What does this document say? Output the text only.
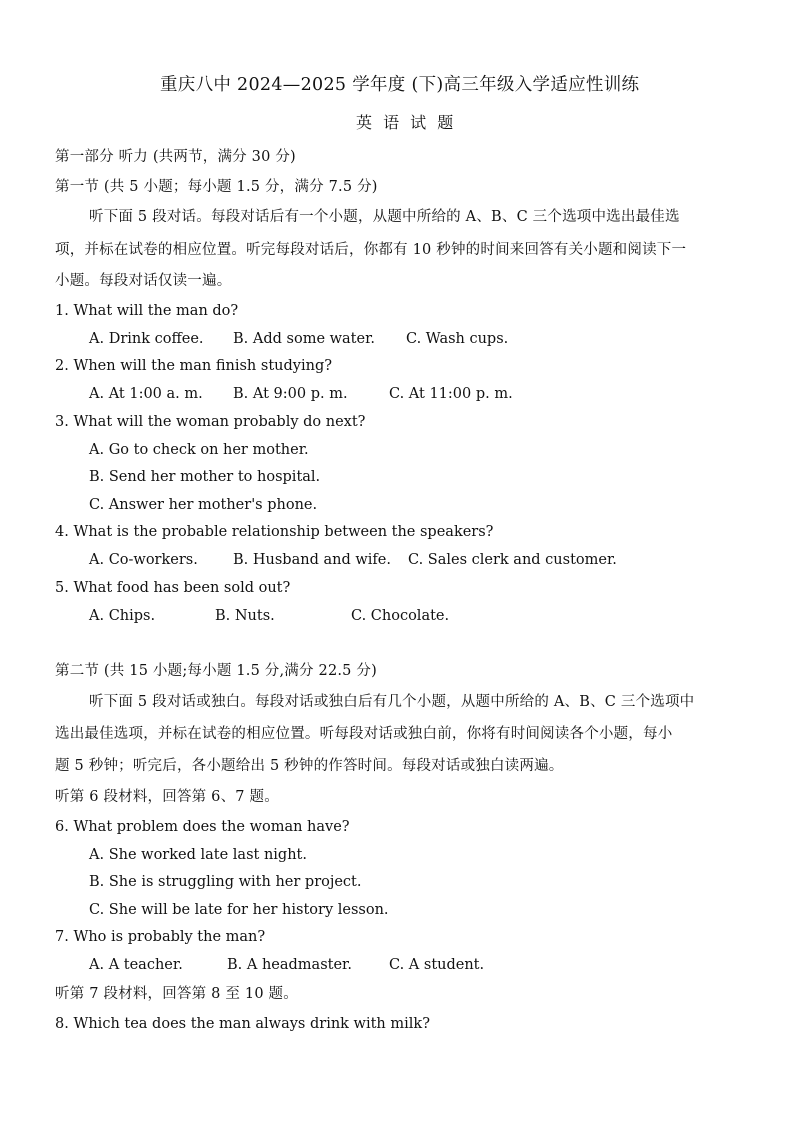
重庆八中 2024—2025 学年度 (下)高三年级入学适应性训练
英 语 试 题
第一部分 听力 (共两节，满分 30 分)
第一节 (共 5 小题；每小题 1.5 分，满分 7.5 分)
听下面 5 段对话。每段对话后有一个小题，从题中所给的 A、B、C 三个选项中选出最佳选
项，并标在试卷的相应位置。听完每段对话后，你都有 10 秒钟的时间来回答有关小题和阅读下一
小题。每段对话仅读一遍。
1. What will the man do?
A. Drink coffee. B. Add some water. C. Wash cups.
2. When will the man finish studying?
A. At 1:00 a. m. B. At 9:00 p. m.	C. At 11:00 p. m.
3. What will the woman probably do next?
A. Go to check on her mother.
B. Send her mother to hospital.
C. Answer her mother's phone.
4. What is the probable relationship between the speakers?
A. Co-workers. B. Husband and wife. C. Sales clerk and customer.
5. What food has been sold out?
A. Chips.	B. Nuts.	C. Chocolate.
第二节 (共 15 小题;每小题 1.5 分,满分 22.5 分)
听下面 5 段对话或独白。每段对话或独白后有几个小题，从题中所给的 A、B、C 三个选项中
选出最佳选项，并标在试卷的相应位置。听每段对话或独白前，你将有时间阅读各个小题，每小
题 5 秒钟；听完后，各小题给出 5 秒钟的作答时间。每段对话或独白读两遍。
听第 6 段材料，回答第 6、7 题。
6. What problem does the woman have?
A. She worked late last night.
B. She is struggling with her project.
C. She will be late for her history lesson.
7. Who is probably the man?
A. A teacher.	B. A headmaster.	C. A student.
听第 7 段材料，回答第 8 至 10 题。
8. Which tea does the man always drink with milk?
